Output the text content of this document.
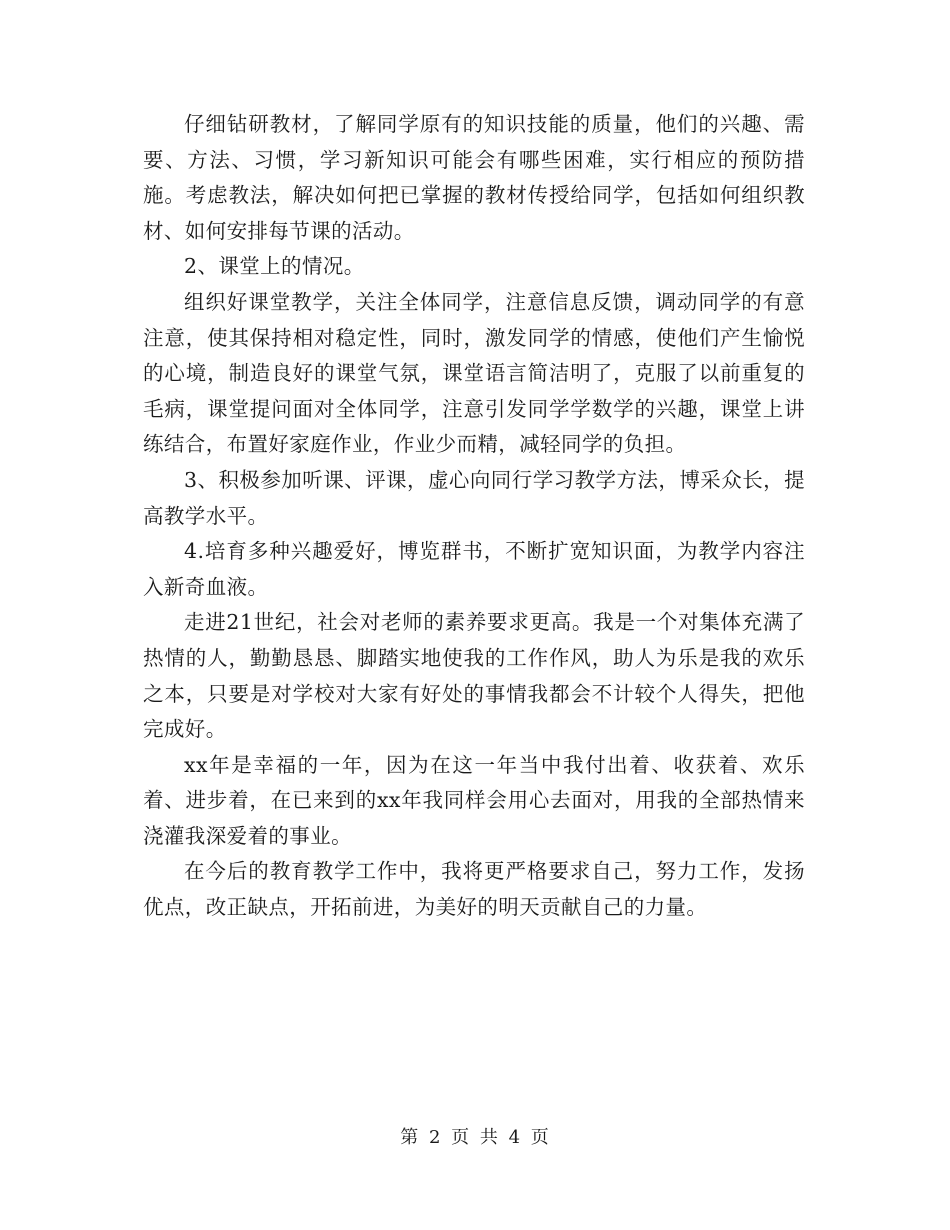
仔细钻研教材，了解同学原有的知识技能的质量，他们的兴趣、需要、方法、习惯，学习新知识可能会有哪些困难，实行相应的预防措施。考虑教法，解决如何把已掌握的教材传授给同学，包括如何组织教材、如何安排每节课的活动。

2、课堂上的情况。

组织好课堂教学，关注全体同学，注意信息反馈，调动同学的有意注意，使其保持相对稳定性，同时，激发同学的情感，使他们产生愉悦的心境，制造良好的课堂气氛，课堂语言简洁明了，克服了以前重复的毛病，课堂提问面对全体同学，注意引发同学学数学的兴趣，课堂上讲练结合，布置好家庭作业，作业少而精，减轻同学的负担。

3、积极参加听课、评课，虚心向同行学习教学方法，博采众长，提高教学水平。

4.培育多种兴趣爱好，博览群书，不断扩宽知识面，为教学内容注入新奇血液。

走进21世纪，社会对老师的素养要求更高。我是一个对集体充满了热情的人，勤勤恳恳、脚踏实地使我的工作作风，助人为乐是我的欢乐之本，只要是对学校对大家有好处的事情我都会不计较个人得失，把他完成好。

xx年是幸福的一年，因为在这一年当中我付出着、收获着、欢乐着、进步着，在已来到的xx年我同样会用心去面对，用我的全部热情来浇灌我深爱着的事业。

在今后的教育教学工作中，我将更严格要求自己，努力工作，发扬优点，改正缺点，开拓前进，为美好的明天贡献自己的力量。

第 2 页 共 4 页
